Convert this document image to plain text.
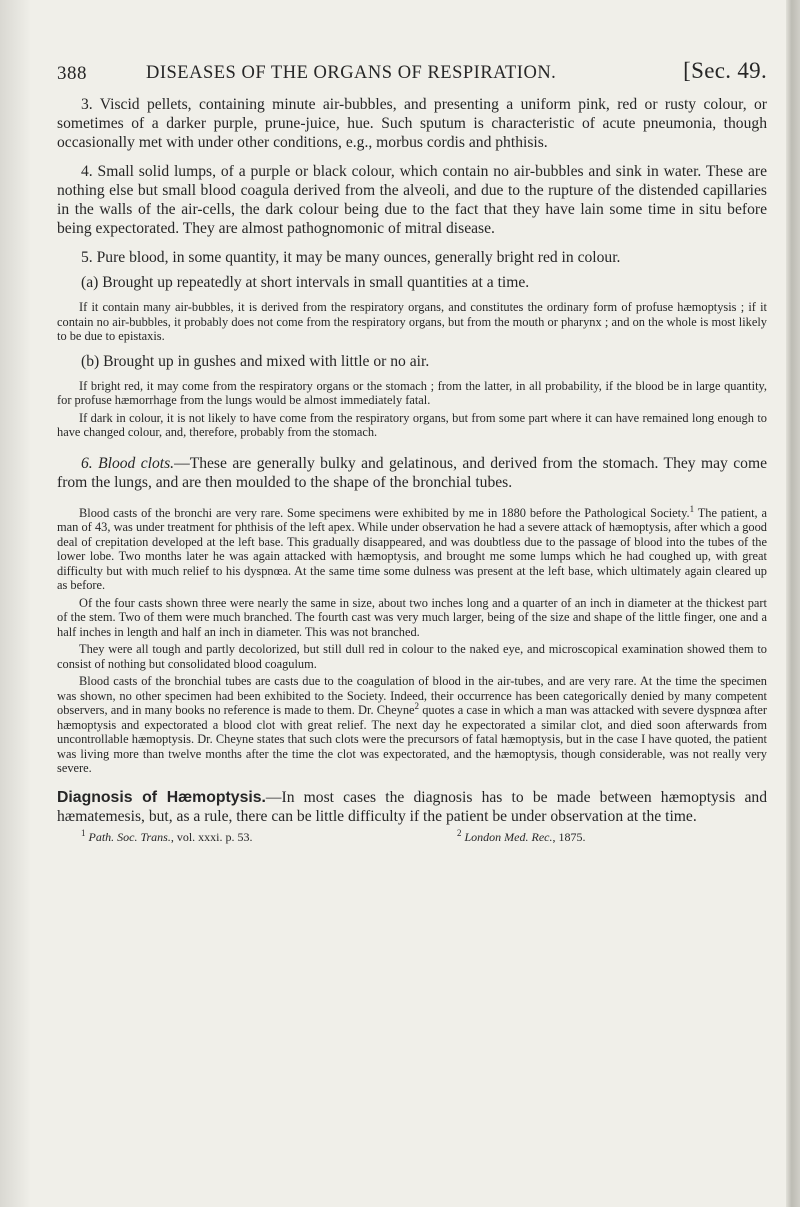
388	DISEASES OF THE ORGANS OF RESPIRATION.	[Sec. 49.

3. Viscid pellets, containing minute air-bubbles, and presenting a uniform pink, red or rusty colour, or sometimes of a darker purple, prune-juice, hue. Such sputum is characteristic of acute pneumonia, though occasionally met with under other conditions, e.g., morbus cordis and phthisis.

4. Small solid lumps, of a purple or black colour, which contain no air-bubbles and sink in water. These are nothing else but small blood coagula derived from the alveoli, and due to the rupture of the distended capillaries in the walls of the air-cells, the dark colour being due to the fact that they have lain some time in situ before being expectorated. They are almost pathognomonic of mitral disease.

5. Pure blood, in some quantity, it may be many ounces, generally bright red in colour.

(a) Brought up repeatedly at short intervals in small quantities at a time.

If it contain many air-bubbles, it is derived from the respiratory organs, and constitutes the ordinary form of profuse hæmoptysis ; if it contain no air-bubbles, it probably does not come from the respiratory organs, but from the mouth or pharynx ; and on the whole is most likely to be due to epistaxis.

(b) Brought up in gushes and mixed with little or no air.

If bright red, it may come from the respiratory organs or the stomach ; from the latter, in all probability, if the blood be in large quantity, for profuse hæmorrhage from the lungs would be almost immediately fatal.

If dark in colour, it is not likely to have come from the respiratory organs, but from some part where it can have remained long enough to have changed colour, and, therefore, probably from the stomach.

6. Blood clots.—These are generally bulky and gelatinous, and derived from the stomach. They may come from the lungs, and are then moulded to the shape of the bronchial tubes.

Blood casts of the bronchi are very rare. Some specimens were exhibited by me in 1880 before the Pathological Society.$^1$ The patient, a man of 43, was under treatment for phthisis of the left apex. While under observation he had a severe attack of hæmoptysis, after which a good deal of crepitation developed at the left base. This gradually disappeared, and was doubtless due to the passage of blood into the tubes of the lower lobe. Two months later he was again attacked with hæmoptysis, and brought me some lumps which he had coughed up, with great difficulty but with much relief to his dyspnœa. At the same time some dulness was present at the left base, which ultimately again cleared up as before.

Of the four casts shown three were nearly the same in size, about two inches long and a quarter of an inch in diameter at the thickest part of the stem. Two of them were much branched. The fourth cast was very much larger, being of the size and shape of the little finger, one and a half inches in length and half an inch in diameter. This was not branched.

They were all tough and partly decolorized, but still dull red in colour to the naked eye, and microscopical examination showed them to consist of nothing but consolidated blood coagulum.

Blood casts of the bronchial tubes are casts due to the coagulation of blood in the air-tubes, and are very rare. At the time the specimen was shown, no other specimen had been exhibited to the Society. Indeed, their occurrence has been categorically denied by many competent observers, and in many books no reference is made to them. Dr. Cheyne$^2$ quotes a case in which a man was attacked with severe dyspnœa after hæmoptysis and expectorated a blood clot with great relief. The next day he expectorated a similar clot, and died soon afterwards from uncontrollable hæmoptysis. Dr. Cheyne states that such clots were the precursors of fatal hæmoptysis, but in the case I have quoted, the patient was living more than twelve months after the time the clot was expectorated, and the hæmoptysis, though considerable, was not really very severe.

Diagnosis of Hæmoptysis.—In most cases the diagnosis has to be made between hæmoptysis and hæmatemesis, but, as a rule, there can be little difficulty if the patient be under observation at the time.

$^1$ Path. Soc. Trans., vol. xxxi. p. 53.	$^2$ London Med. Rec., 1875.
